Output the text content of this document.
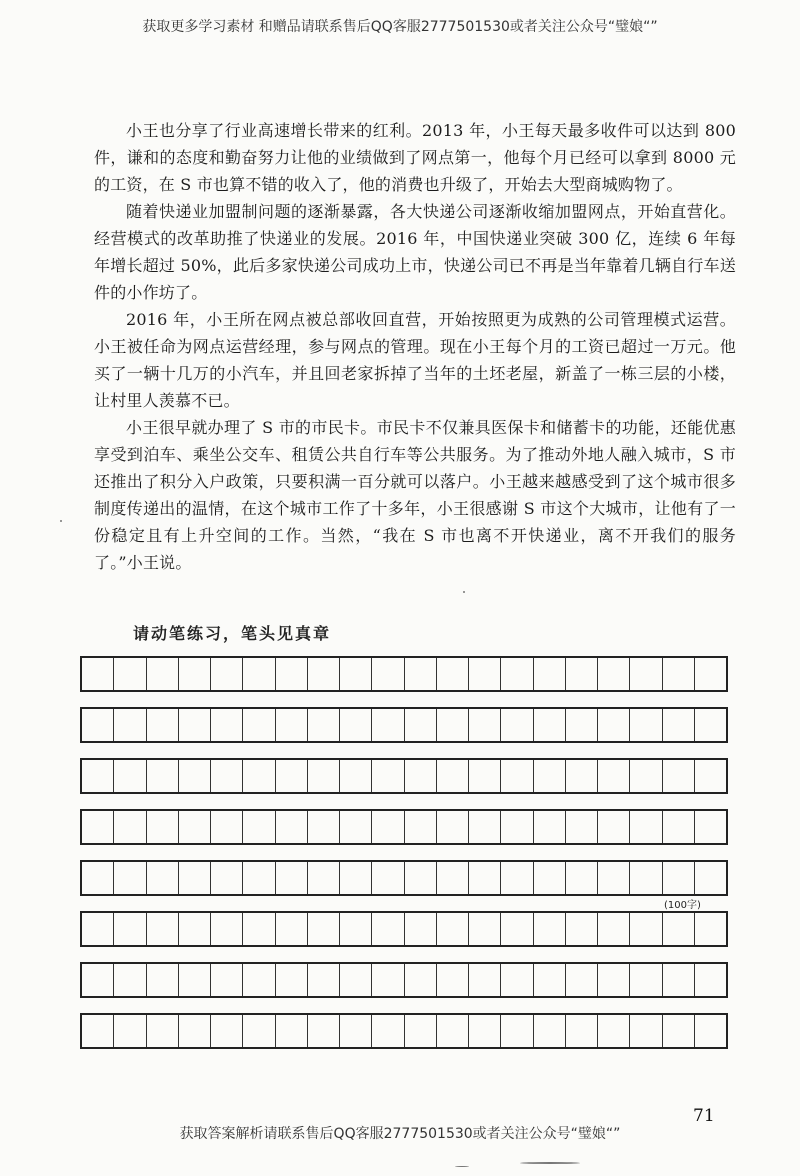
获取更多学习素材 和赠品请联系售后QQ客服2777501530或者关注公众号“璧娘“”

小王也分享了行业高速增长带来的红利。2013 年，小王每天最多收件可以达到 800 件，谦和的态度和勤奋努力让他的业绩做到了网点第一，他每个月已经可以拿到 8000 元的工资，在 S 市也算不错的收入了，他的消费也升级了，开始去大型商城购物了。

随着快递业加盟制问题的逐渐暴露，各大快递公司逐渐收缩加盟网点，开始直营化。经营模式的改革助推了快递业的发展。2016 年，中国快递业突破 300 亿，连续 6 年每年增长超过 50%，此后多家快递公司成功上市，快递公司已不再是当年靠着几辆自行车送件的小作坊了。

2016 年，小王所在网点被总部收回直营，开始按照更为成熟的公司管理模式运营。小王被任命为网点运营经理，参与网点的管理。现在小王每个月的工资已超过一万元。他买了一辆十几万的小汽车，并且回老家拆掉了当年的土坯老屋，新盖了一栋三层的小楼，让村里人羡慕不已。

小王很早就办理了 S 市的市民卡。市民卡不仅兼具医保卡和储蓄卡的功能，还能优惠享受到泊车、乘坐公交车、租赁公共自行车等公共服务。为了推动外地人融入城市，S 市还推出了积分入户政策，只要积满一百分就可以落户。小王越来越感受到了这个城市很多制度传递出的温情，在这个城市工作了十多年，小王很感谢 S 市这个大城市，让他有了一份稳定且有上升空间的工作。当然，“我在 S 市也离不开快递业，离不开我们的服务了。”小王说。

请动笔练习，笔头见真章
(100字)
71
获取答案解析请联系售后QQ客服2777501530或者关注公众号“璧娘“”
